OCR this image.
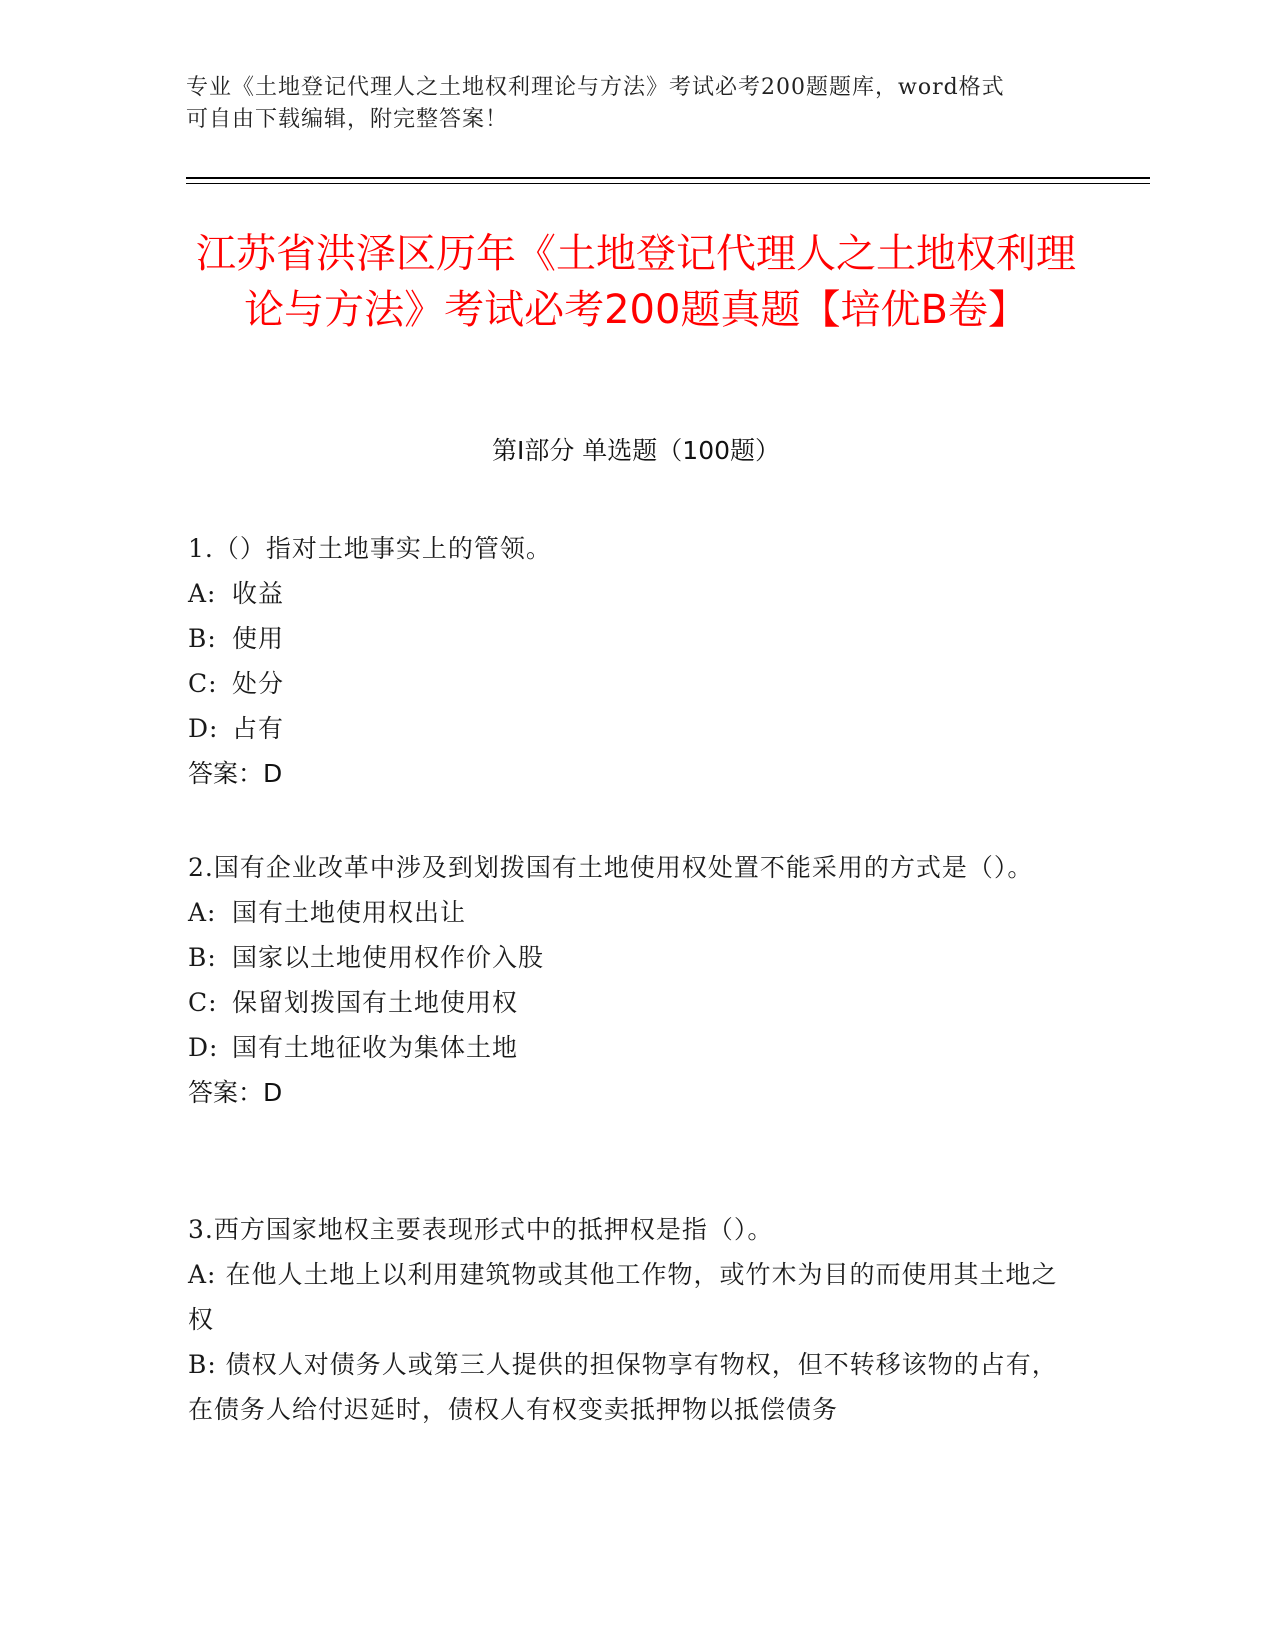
专业《土地登记代理人之土地权利理论与方法》考试必考200题题库，word格式

可自由下载编辑，附完整答案！

江苏省洪泽区历年《土地登记代理人之土地权利理论与方法》考试必考200题真题【培优B卷】
第I部分 单选题（100题）

1.（）指对土地事实上的管领。

A: 收益

B: 使用

C: 处分

D: 占有

答案：D

2.国有企业改革中涉及到划拨国有土地使用权处置不能采用的方式是（）。

A: 国有土地使用权出让

B: 国家以土地使用权作价入股

C: 保留划拨国有土地使用权

D: 国有土地征收为集体土地

答案：D

3.西方国家地权主要表现形式中的抵押权是指（）。

A: 在他人土地上以利用建筑物或其他工作物，或竹木为目的而使用其土地之权

B: 债权人对债务人或第三人提供的担保物享有物权，但不转移该物的占有，在债务人给付迟延时，债权人有权变卖抵押物以抵偿债务
